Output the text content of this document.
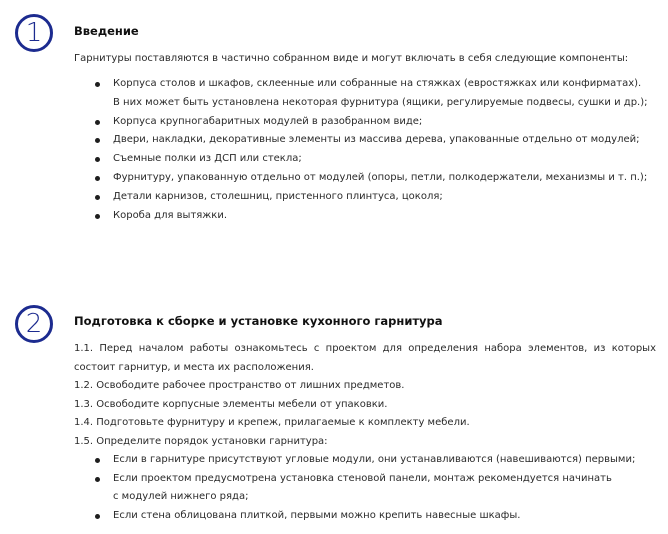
1	Введение
Гарнитуры поставляются в частично собранном виде и могут включать в себя следующие компоненты:
Корпуса столов и шкафов, склеенные или собранные на стяжках (евростяжках или конфирматах).
В них может быть установлена некоторая фурнитура (ящики, регулируемые подвесы, сушки и др.);
Корпуса крупногабаритных модулей в разобранном виде;
Двери, накладки, декоративные элементы из массива дерева, упакованные отдельно от модулей;
Съемные полки из ДСП или стекла;
Фурнитуру, упакованную отдельно от модулей (опоры, петли, полкодержатели, механизмы и т. п.);
Детали карнизов, столешниц, пристенного плинтуса, цоколя;
Короба для вытяжки.
2	Подготовка к сборке и установке кухонного гарнитура
1.1. Перед началом работы ознакомьтесь с проектом для определения набора элементов, из которых
состоит гарнитур, и места их расположения.
1.2. Освободите рабочее пространство от лишних предметов.
1.3. Освободите корпусные элементы мебели от упаковки.
1.4. Подготовьте фурнитуру и крепеж, прилагаемые к комплекту мебели.
1.5. Определите порядок установки гарнитура:
Если в гарнитуре присутствуют угловые модули, они устанавливаются (навешиваются) первыми;
Если проектом предусмотрена установка стеновой панели, монтаж рекомендуется начинать
с модулей нижнего ряда;
Если стена облицована плиткой, первыми можно крепить навесные шкафы.
